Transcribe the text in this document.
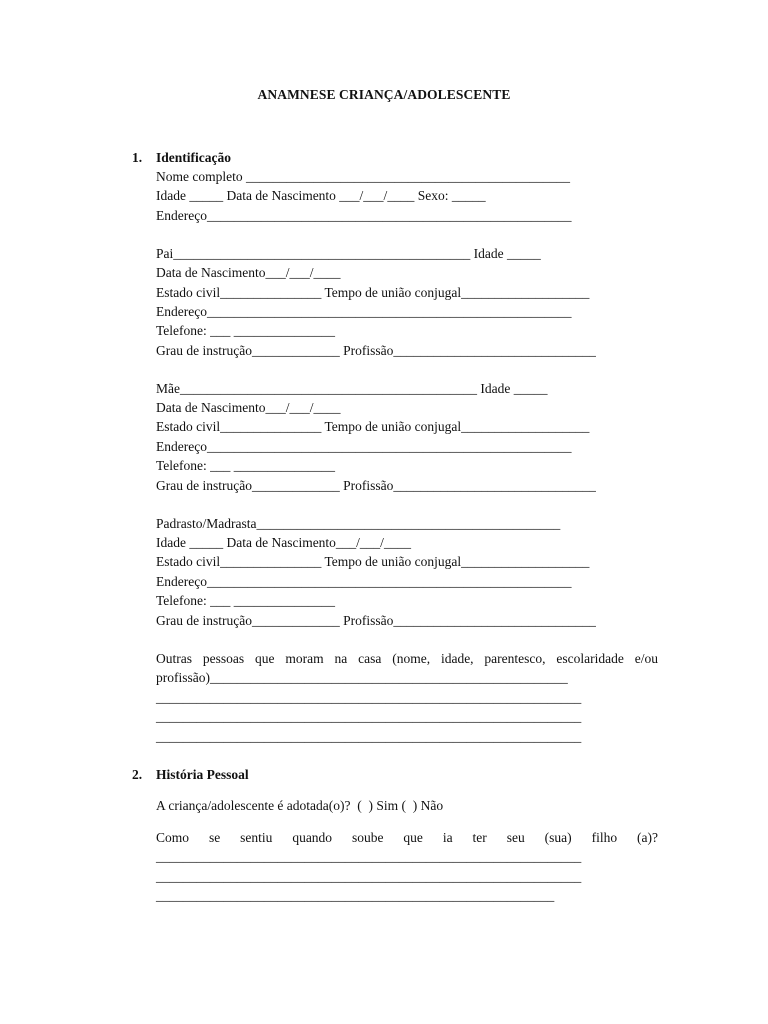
ANAMNESE CRIANÇA/ADOLESCENTE
1. Identificação
Nome completo ________________________________________________
Idade _____ Data de Nascimento ___/___/____ Sexo: _____
Endereço______________________________________________________
Pai____________________________________________ Idade _____
Data de Nascimento___/___/____
Estado civil_______________ Tempo de união conjugal___________________
Endereço______________________________________________________
Telefone: ___ _______________
Grau de instrução_____________ Profissão______________________________
Mãe____________________________________________ Idade _____
Data de Nascimento___/___/____
Estado civil_______________ Tempo de união conjugal___________________
Endereço______________________________________________________
Telefone: ___ _______________
Grau de instrução_____________ Profissão______________________________
Padrasto/Madrasta_____________________________________________
Idade _____ Data de Nascimento___/___/____
Estado civil_______________ Tempo de união conjugal___________________
Endereço______________________________________________________
Telefone: ___ _______________
Grau de instrução_____________ Profissão______________________________
Outras pessoas que moram na casa (nome, idade, parentesco, escolaridade e/ou
profissão)_____________________________________________________
_______________________________________________________________
_______________________________________________________________
_______________________________________________________________
2. História Pessoal
A criança/adolescente é adotada(o)?  (  ) Sim (  ) Não
Como se sentiu quando soube que ia ter seu (sua) filho (a)?
_______________________________________________________________
_______________________________________________________________
___________________________________________________________
